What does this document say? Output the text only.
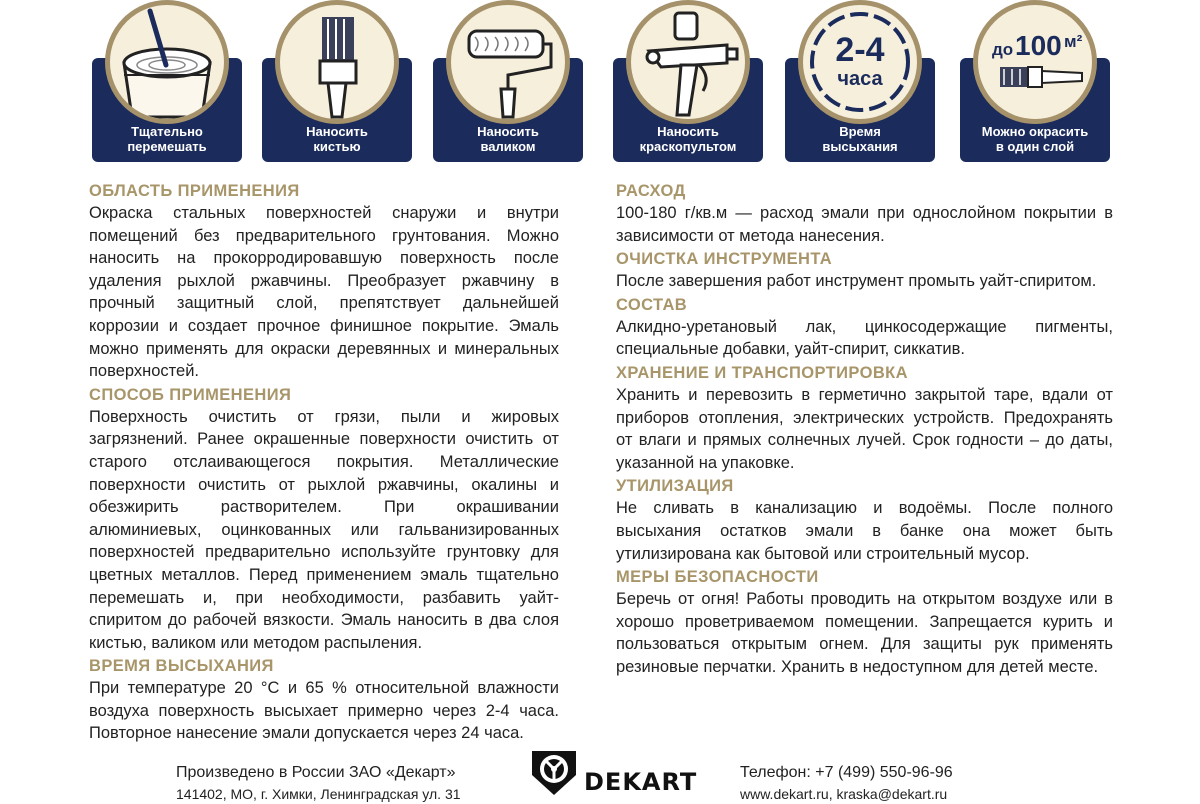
Тщательно
перемешать
Наносить
кистью
Наносить
валиком
Наносить
краскопультом
Время
высыхания
2-4
часа
Можно окрасить
в один слой
до 100 м²

ОБЛАСТЬ ПРИМЕНЕНИЯ

Окраска стальных поверхностей снаружи и внутри помещений без предварительного грунтования. Можно наносить на прокорродировавшую поверхность после удаления рыхлой ржавчины. Преобразует ржавчину в прочный защитный слой, препятствует дальнейшей коррозии и создает прочное финишное покрытие. Эмаль можно применять для окраски деревянных и минеральных поверхностей.

СПОСОБ ПРИМЕНЕНИЯ

Поверхность очистить от грязи, пыли и жировых загрязнений. Ранее окрашенные поверхности очистить от старого отслаивающегося покрытия. Металлические поверхности очистить от рыхлой ржавчины, окалины и обезжирить растворителем. При окрашивании алюминиевых, оцинкованных или гальванизированных поверхностей предварительно используйте грунтовку для цветных металлов. Перед применением эмаль тщательно перемешать и, при необходимости, разбавить уайт-спиритом до рабочей вязкости. Эмаль наносить в два слоя кистью, валиком или методом распыления.

ВРЕМЯ ВЫСЫХАНИЯ

При температуре 20 °С и 65 % относительной влажности воздуха поверхность высыхает примерно через 2-4 часа. Повторное нанесение эмали допускается через 24 часа.

РАСХОД

100-180 г/кв.м — расход эмали при однослойном покрытии в зависимости от метода нанесения.

ОЧИСТКА ИНСТРУМЕНТА

После завершения работ инструмент промыть уайт-спиритом.

СОСТАВ

Алкидно-уретановый лак, цинкосодержащие пигменты, специальные добавки, уайт-спирит, сиккатив.

ХРАНЕНИЕ И ТРАНСПОРТИРОВКА

Хранить и перевозить в герметично закрытой таре, вдали от приборов отопления, электрических устройств. Предохранять от влаги и прямых солнечных лучей. Срок годности – до даты, указанной на упаковке.

УТИЛИЗАЦИЯ

Не сливать в канализацию и водоёмы. После полного высыхания остатков эмали в банке она может быть утилизирована как бытовой или строительный мусор.

МЕРЫ БЕЗОПАСНОСТИ

Беречь от огня! Работы проводить на открытом воздухе или в хорошо проветриваемом помещении. Запрещается курить и пользоваться открытым огнем. Для защиты рук применять резиновые перчатки. Хранить в недоступном для детей месте.

Произведено в России ЗАО «Декарт»
141402, МО, г. Химки, Ленинградская ул. 31	DEKART	Телефон: +7 (499) 550-96-96
www.dekart.ru, kraska@dekart.ru
